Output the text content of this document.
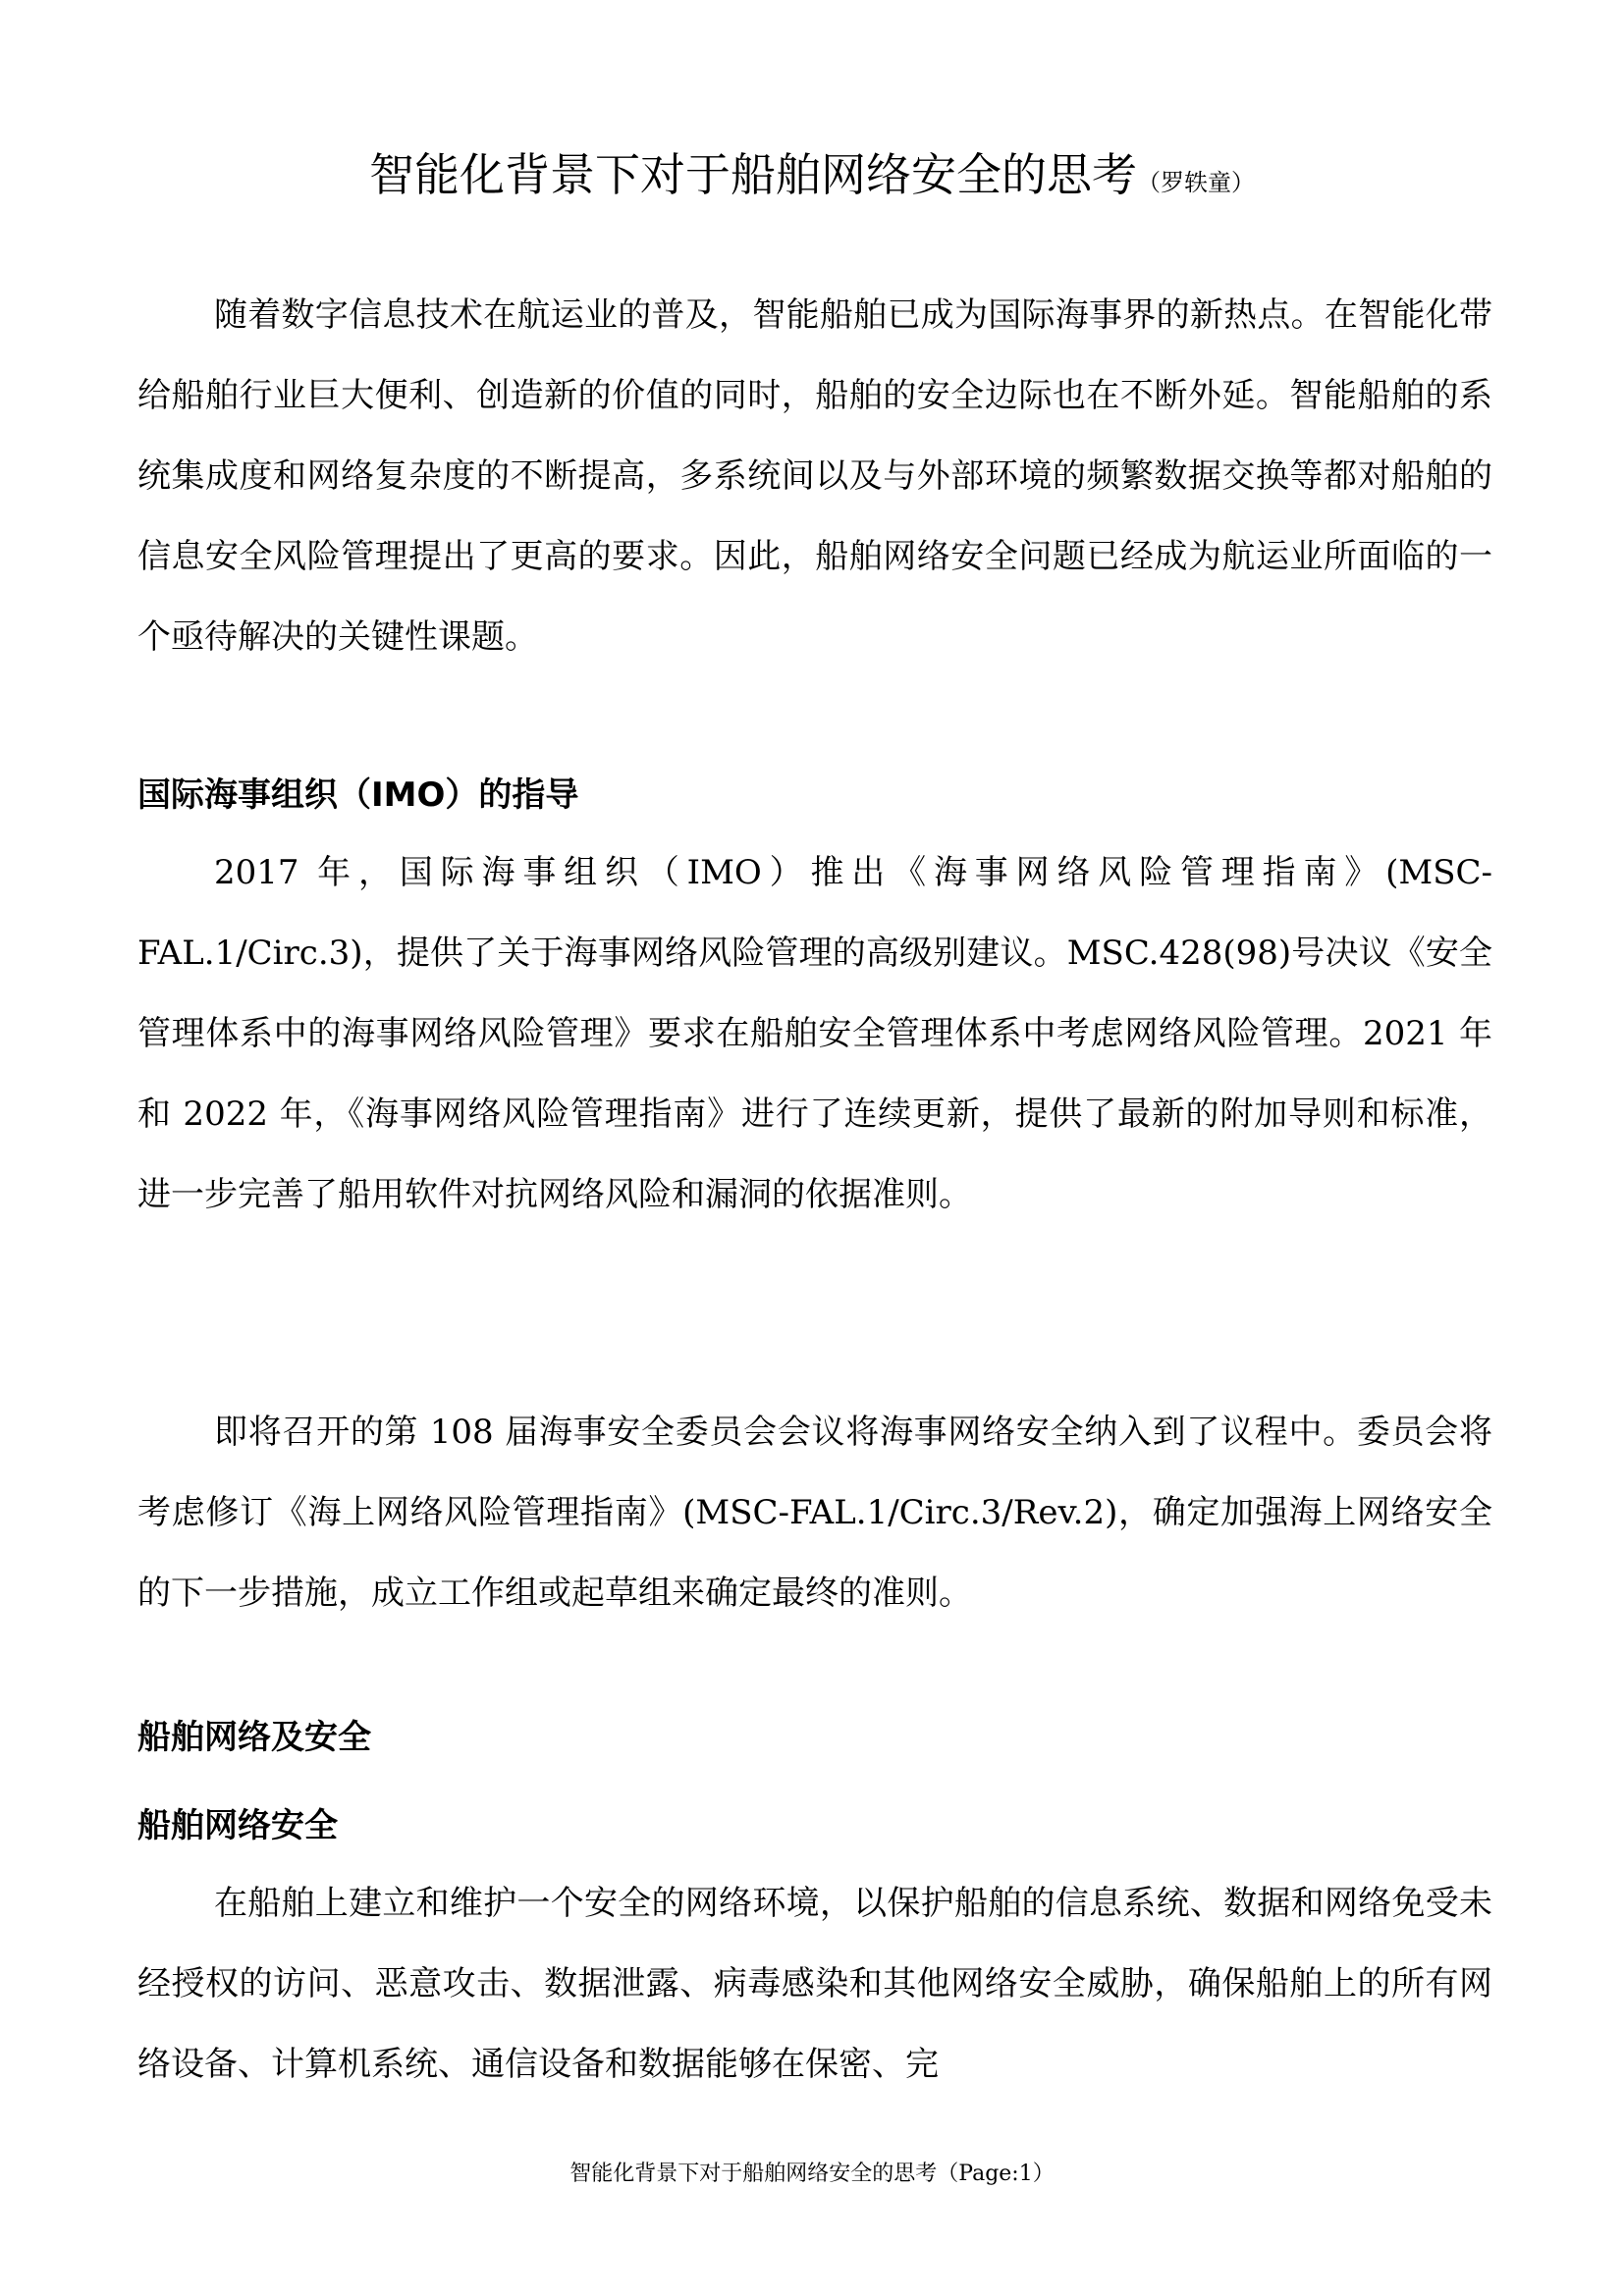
智能化背景下对于船舶网络安全的思考（罗轶童）

随着数字信息技术在航运业的普及，智能船舶已成为国际海事界的新热点。在智能化带给船舶行业巨大便利、创造新的价值的同时，船舶的安全边际也在不断外延。智能船舶的系统集成度和网络复杂度的不断提高，多系统间以及与外部环境的频繁数据交换等都对船舶的信息安全风险管理提出了更高的要求。因此，船舶网络安全问题已经成为航运业所面临的一个亟待解决的关键性课题。

国际海事组织（IMO）的指导

2017 年，国际海事组织（IMO）推出《海事网络风险管理指南》(MSC-FAL.1/Circ.3)，提供了关于海事网络风险管理的高级别建议。MSC.428(98)号决议《安全管理体系中的海事网络风险管理》要求在船舶安全管理体系中考虑网络风险管理。2021 年和 2022 年，《海事网络风险管理指南》进行了连续更新，提供了最新的附加导则和标准，进一步完善了船用软件对抗网络风险和漏洞的依据准则。

即将召开的第 108 届海事安全委员会会议将海事网络安全纳入到了议程中。委员会将考虑修订《海上网络风险管理指南》(MSC-FAL.1/Circ.3/Rev.2)，确定加强海上网络安全的下一步措施，成立工作组或起草组来确定最终的准则。

船舶网络及安全
船舶网络安全

在船舶上建立和维护一个安全的网络环境，以保护船舶的信息系统、数据和网络免受未经授权的访问、恶意攻击、数据泄露、病毒感染和其他网络安全威胁，确保船舶上的所有网络设备、计算机系统、通信设备和数据能够在保密、完

智能化背景下对于船舶网络安全的思考（Page:1）
